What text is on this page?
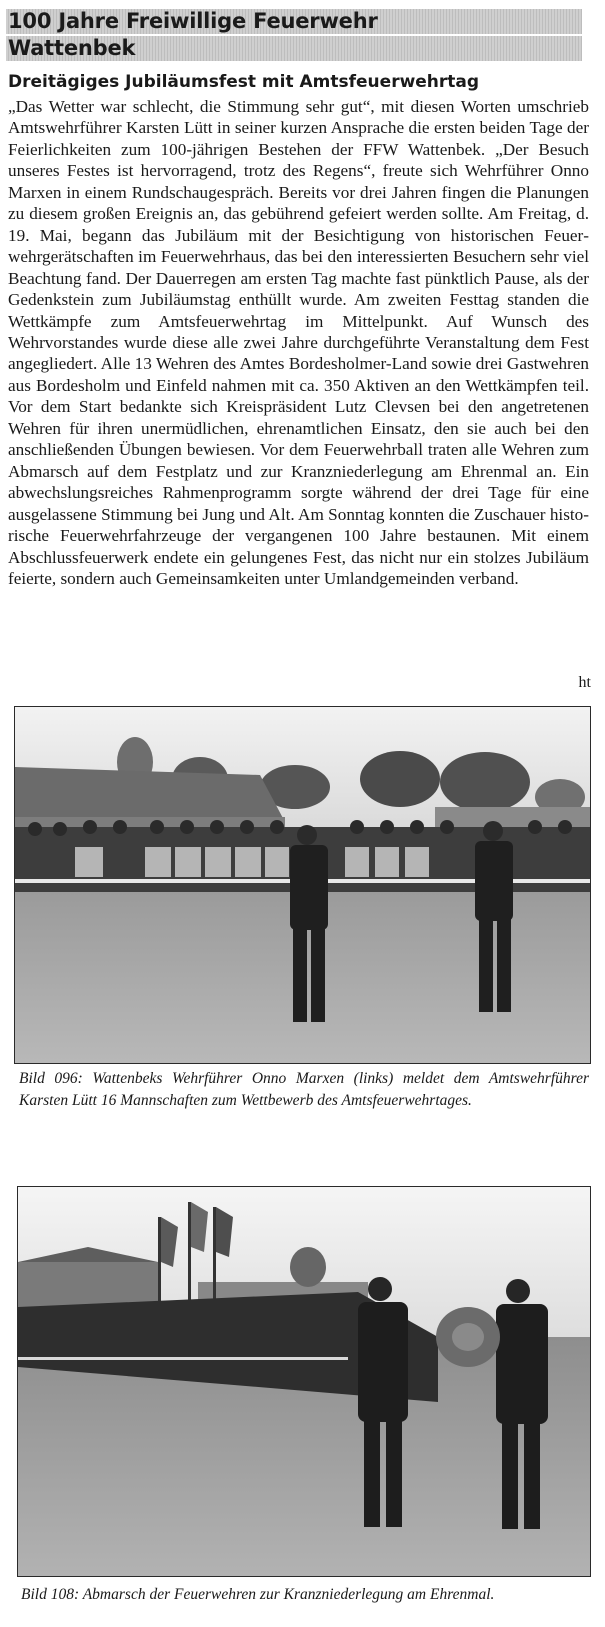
100 Jahre Freiwillige Feuerwehr
Wattenbek
Dreitägiges Jubiläumsfest mit Amtsfeuerwehrtag

„Das Wetter war schlecht, die Stimmung sehr gut“, mit diesen Worten umschrieb Amtswehrführer Karsten Lütt in seiner kurzen Ansprache die ersten beiden Tage der Feierlichkeiten zum 100-jährigen Bestehen der FFW Wattenbek. „Der Besuch unseres Festes ist hervorragend, trotz des Regens“, freute sich Wehrführer Onno Marxen in einem Rundschaugespräch. Bereits vor drei Jahren fingen die Planungen zu diesem großen Ereignis an, das gebührend gefeiert werden sollte. Am Freitag, d. 19. Mai, begann das Jubiläum mit der Besichtigung von historischen Feuerwehrgerätschaften im Feuerwehrhaus, das bei den interessierten Besuchern sehr viel Beachtung fand. Der Dauerregen am ersten Tag machte fast pünktlich Pause, als der Gedenkstein zum Jubiläumstag enthüllt wurde. Am zweiten Festtag standen die Wettkämpfe zum Amtsfeuerwehrtag im Mittelpunkt. Auf Wunsch des Wehrvorstandes wurde diese alle zwei Jahre durchgeführte Veranstaltung dem Fest angegliedert. Alle 13 Wehren des Amtes Bordesholmer-Land sowie drei Gastwehren aus Bordesholm und Einfeld nahmen mit ca. 350 Aktiven an den Wettkämpfen teil. Vor dem Start bedankte sich Kreispräsident Lutz Clevsen bei den angetretenen Wehren für ihren unermüdlichen, ehrenamtlichen Einsatz, den sie auch bei den anschließenden Übungen bewiesen. Vor dem Feuerwehrball traten alle Wehren zum Abmarsch auf dem Festplatz und zur Kranzniederlegung am Ehrenmal an. Ein abwechslungsreiches Rahmenprogramm sorgte während der drei Tage für eine ausgelassene Stimmung bei Jung und Alt. Am Sonntag konnten die Zuschauer historische Feuerwehrfahrzeuge der vergangenen 100 Jahre bestaunen. Mit einem Abschlussfeuerwerk endete ein gelungenes Fest, das nicht nur ein stolzes Jubiläum feierte, sondern auch Gemeinsamkeiten unter Umlandgemeinden verband.

ht
Bild 096: Wattenbeks Wehrführer Onno Marxen (links) meldet dem Amtswehrführer Karsten Lütt 16 Mannschaften zum Wettbewerb des Amtsfeuerwehrtages.
Bild 108: Abmarsch der Feuerwehren zur Kranzniederlegung am Ehrenmal.
